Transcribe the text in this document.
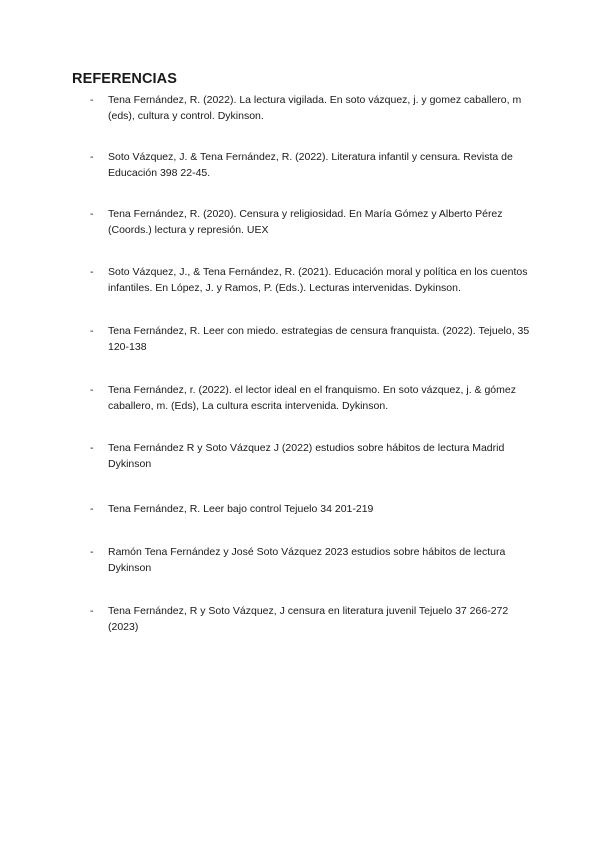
REFERENCIAS
- Tena Fernández, R. (2022). La lectura vigilada. En soto vázquez, j. y gomez caballero, m (eds), cultura y control. Dykinson.
- Soto Vázquez, J. & Tena Fernández, R. (2022). Literatura infantil y censura. Revista de Educación 398 22-45.
- Tena Fernández, R. (2020). Censura y religiosidad. En María Gómez y Alberto Pérez (Coords.) lectura y represión. UEX
- Soto Vázquez, J., & Tena Fernández, R. (2021). Educación moral y política en los cuentos infantiles. En López, J. y Ramos, P. (Eds.). Lecturas intervenidas. Dykinson.
- Tena Fernández, R. Leer con miedo. estrategias de censura franquista. (2022). Tejuelo, 35 120-138
- Tena Fernández, r. (2022). el lector ideal en el franquismo. En soto vázquez, j. & gómez caballero, m. (Eds), La cultura escrita intervenida. Dykinson.
- Tena Fernández R y Soto Vázquez J (2022) estudios sobre hábitos de lectura Madrid Dykinson
- Tena Fernández, R. Leer bajo control Tejuelo 34 201-219
- Ramón Tena Fernández y José Soto Vázquez 2023 estudios sobre hábitos de lectura Dykinson
- Tena Fernández, R y Soto Vázquez, J censura en literatura juvenil Tejuelo 37 266-272 (2023)
